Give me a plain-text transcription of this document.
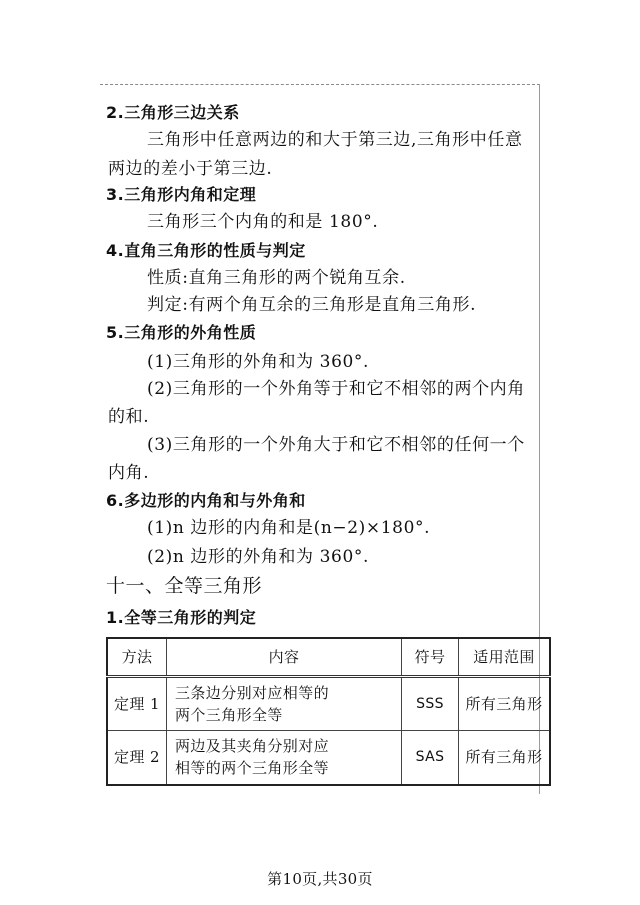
2.三角形三边关系
三角形中任意两边的和大于第三边,三角形中任意
两边的差小于第三边.
3.三角形内角和定理
三角形三个内角的和是 180°.
4.直角三角形的性质与判定
性质:直角三角形的两个锐角互余.
判定:有两个角互余的三角形是直角三角形.
5.三角形的外角性质
(1)三角形的外角和为 360°.
(2)三角形的一个外角等于和它不相邻的两个内角
的和.
(3)三角形的一个外角大于和它不相邻的任何一个
内角.
6.多边形的内角和与外角和
(1)n 边形的内角和是(n−2)×180°.
(2)n 边形的外角和为 360°.
十一、全等三角形
1.全等三角形的判定
方法	内容	符号	适用范围
定理 1	三条边分别对应相等的
两个三角形全等	SSS	所有三角形
定理 2	两边及其夹角分别对应
相等的两个三角形全等	SAS	所有三角形
第10页,共30页
